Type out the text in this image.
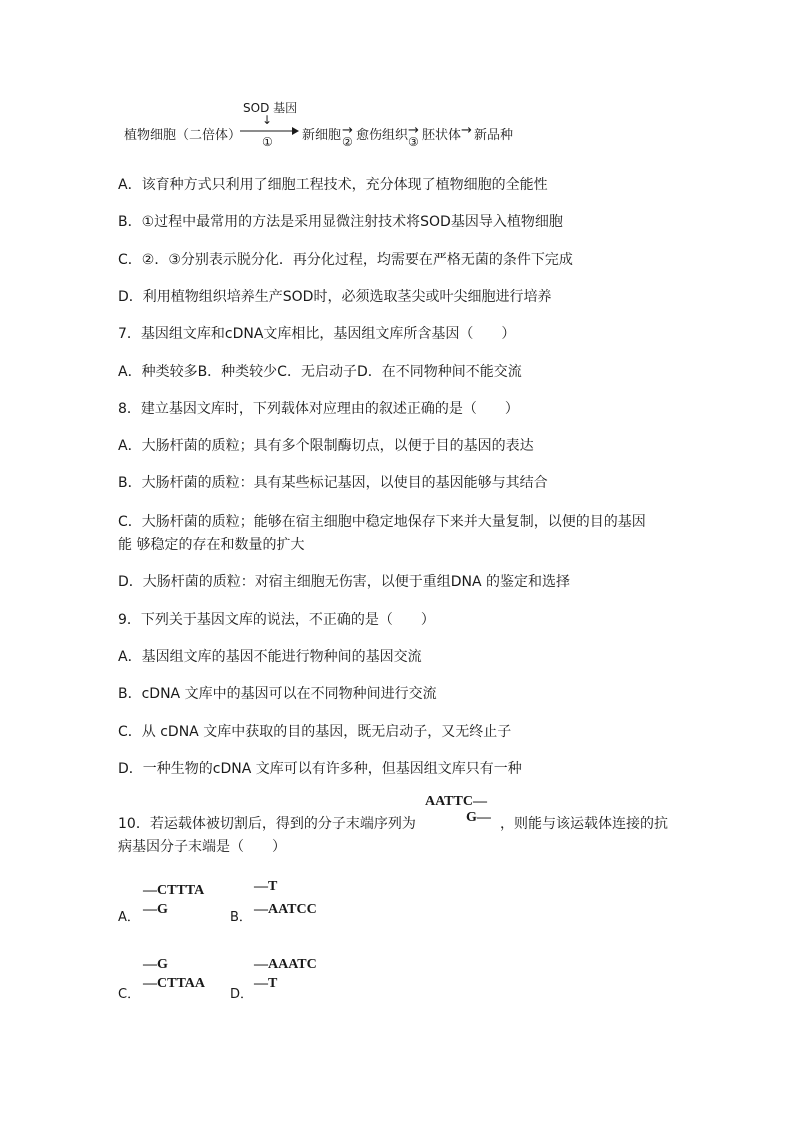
SOD 基因
↓
植物细胞（二倍体） ① 新细胞 →
② 愈伤组织 →
③ 胚状体 → 新品种
A．该育种方式只利用了细胞工程技术，充分体现了植物细胞的全能性
B．①过程中最常用的方法是采用显微注射技术将SOD基因导入植物细胞
C．②．③分别表示脱分化．再分化过程，均需要在严格无菌的条件下完成
D．利用植物组织培养生产SOD时，必须选取茎尖或叶尖细胞进行培养
7．基因组文库和cDNA文库相比，基因组文库所含基因（　　）
A．种类较多B．种类较少C．无启动子D．在不同物种间不能交流
8．建立基因文库时，下列载体对应理由的叙述正确的是（　　）
A．大肠杆菌的质粒；具有多个限制酶切点，以便于目的基因的表达
B．大肠杆菌的质粒：具有某些标记基因，以使目的基因能够与其结合
C．大肠杆菌的质粒；能够在宿主细胞中稳定地保存下来并大量复制，以便的目的基因
能 够稳定的存在和数量的扩大
D．大肠杆菌的质粒：对宿主细胞无伤害，以便于重组DNA 的鉴定和选择
9．下列关于基因文库的说法，不正确的是（　　）
A．基因组文库的基因不能进行物种间的基因交流
B．cDNA 文库中的基因可以在不同物种间进行交流
C．从 cDNA 文库中获取的目的基因，既无启动子，又无终止子
D．一种生物的cDNA 文库可以有许多种，但基因组文库只有一种
AATTC—
10．若运载体被切割后，得到的分子末端序列为	G— ，则能与该运载体连接的抗
病基因分子末端是（　　）
—CTTTA
A．
—G
—T
B．
—AATCC
—G
C．
—CTTAA
—AAATC
D．
—T
